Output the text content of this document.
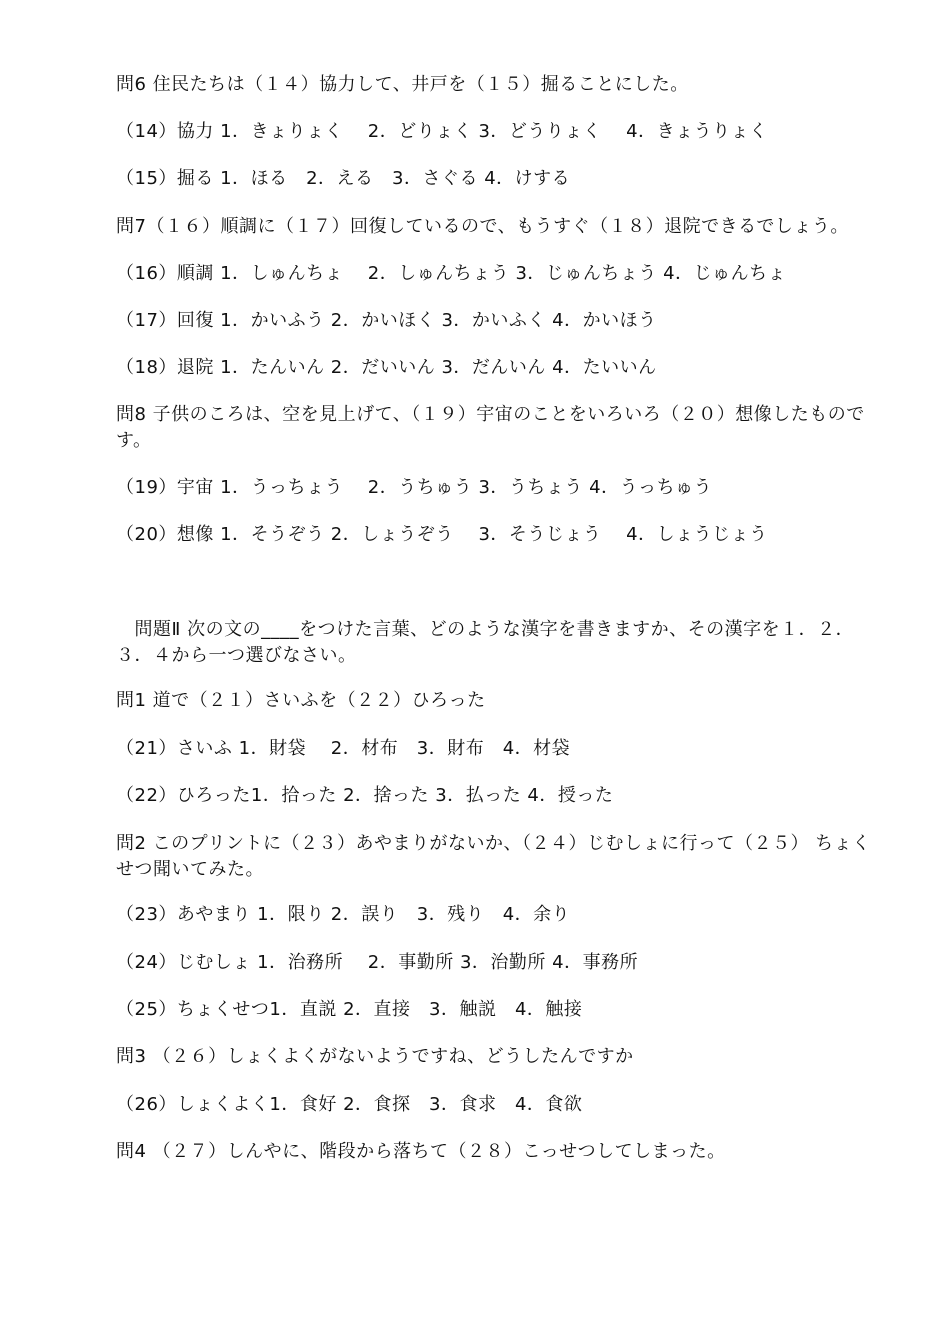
問6 住民たちは（１４）協力して、井戸を（１５）掘ることにした。
（14）協力 1．きょりょく　 2．どりょく 3．どうりょく　 4．きょうりょく
（15）掘る 1．ほる　2．える　3．さぐる 4．けする
問7（１６）順調に（１７）回復しているので、もうすぐ（１８）退院できるでしょう。
（16）順調 1．しゅんちょ　 2．しゅんちょう 3．じゅんちょう 4．じゅんちょ
（17）回復 1．かいふう 2．かいほく 3．かいふく 4．かいほう
（18）退院 1．たんいん 2．だいいん 3．だんいん 4．たいいん
問8 子供のころは、空を見上げて、（１９）宇宙のことをいろいろ（２０）想像したものです。
（19）宇宙 1．うっちょう　 2．うちゅう 3．うちょう 4．うっちゅう
（20）想像 1．そうぞう 2．しょうぞう　 3．そうじょう　 4．しょうじょう
　問題Ⅱ 次の文の____をつけた言葉、どのような漢字を書きますか、その漢字を１．２．３．４から一つ選びなさい。
問1 道で（２１）さいふを（２２）ひろった
（21）さいふ 1．財袋　 2．材布　3．財布　4．材袋
（22）ひろった1．拾った 2．捨った 3．払った 4．授った
問2 このプリントに（２３）あやまりがないか、（２４）じむしょに行って（２５） ちょくせつ聞いてみた。
（23）あやまり 1．限り 2．誤り　3．残り　4．余り
（24）じむしょ 1．治務所　 2．事勤所 3．治勤所 4．事務所
（25）ちょくせつ1．直説 2．直接　3．触説　4．触接
問3 （２６）しょくよくがないようですね、どうしたんですか
（26）しょくよく1．食好 2．食探　3．食求　4．食欲
問4 （２７）しんやに、階段から落ちて（２８）こっせつしてしまった。
